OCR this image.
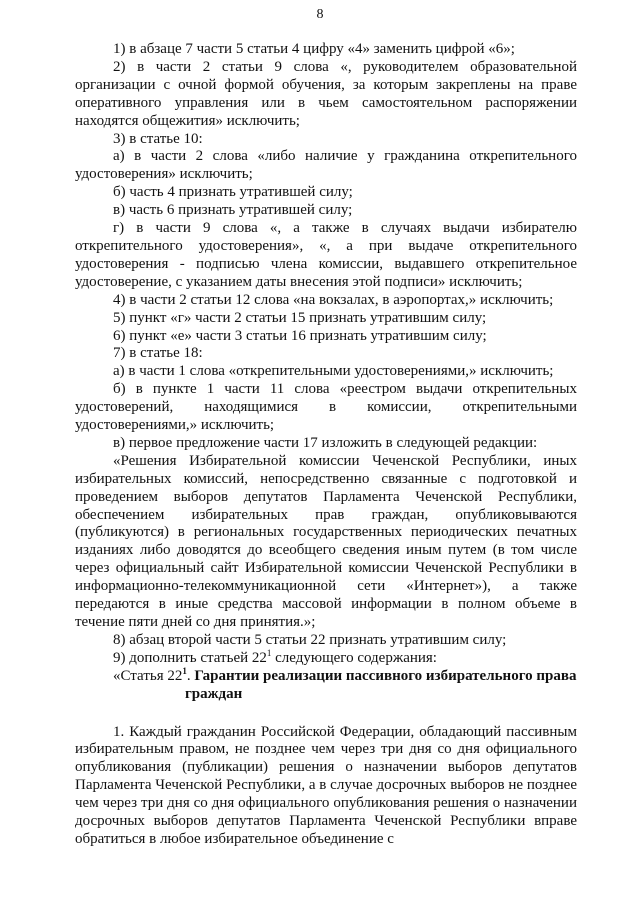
8

1) в абзаце 7 части 5 статьи 4 цифру «4» заменить цифрой «6»;

2) в части 2 статьи 9 слова «, руководителем образовательной организации с очной формой обучения, за которым закреплены на праве оперативного управления или в чьем самостоятельном распоряжении находятся общежития» исключить;

3) в статье 10:

а) в части 2 слова «либо наличие у гражданина открепительного удостоверения» исключить;

б) часть 4 признать утратившей силу;

в) часть 6 признать утратившей силу;

г) в части 9 слова «, а также в случаях выдачи избирателю открепительного удостоверения», «, а при выдаче открепительного удостоверения - подписью члена комиссии, выдавшего открепительное удостоверение, с указанием даты внесения этой подписи» исключить;

4) в части 2 статьи 12 слова «на вокзалах, в аэропортах,» исключить;

5) пункт «г» части 2 статьи 15 признать утратившим силу;

6) пункт «е» части 3 статьи 16 признать утратившим силу;

7) в статье 18:

а) в части 1 слова «открепительными удостоверениями,» исключить;

б) в пункте 1 части 11 слова «реестром выдачи открепительных удостоверений, находящимися в комиссии, открепительными удостоверениями,» исключить;

в) первое предложение части 17 изложить в следующей редакции:

«Решения Избирательной комиссии Чеченской Республики, иных избирательных комиссий, непосредственно связанные с подготовкой и проведением выборов депутатов Парламента Чеченской Республики, обеспечением избирательных прав граждан, опубликовываются (публикуются) в региональных государственных периодических печатных изданиях либо доводятся до всеобщего сведения иным путем (в том числе через официальный сайт Избирательной комиссии Чеченской Республики в информационно-телекоммуникационной сети «Интернет»), а также передаются в иные средства массовой информации в полном объеме в течение пяти дней со дня принятия.»;

8) абзац второй части 5 статьи 22 признать утратившим силу;

9) дополнить статьей $22^1$ следующего содержания:

«Статья $22^1$. Гарантии реализации пассивного избирательного права
граждан

1. Каждый гражданин Российской Федерации, обладающий пассивным избирательным правом, не позднее чем через три дня со дня официального опубликования (публикации) решения о назначении выборов депутатов Парламента Чеченской Республики, а в случае досрочных выборов не позднее чем через три дня со дня официального опубликования решения о назначении досрочных выборов депутатов Парламента Чеченской Республики вправе обратиться в любое избирательное объединение с
